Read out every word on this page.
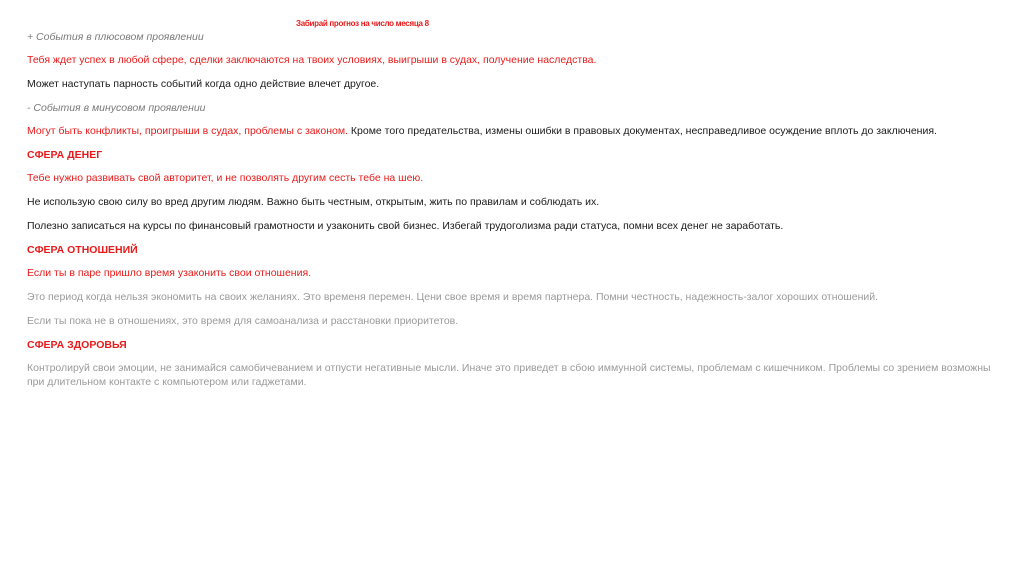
Забирай прогноз на число месяца 8
+ События в плюсовом проявлении
Тебя ждет успех в любой сфере, сделки заключаются на твоих условиях, выигрыши в судах, получение наследства.
Может наступать парность событий когда одно действие влечет другое.
- События в минусовом проявлении
Могут быть конфликты, проигрыши в судах, проблемы с законом. Кроме того предательства, измены ошибки в правовых документах, несправедливое осуждение вплоть до заключения.
СФЕРА ДЕНЕГ
Тебе нужно развивать свой авторитет, и не позволять другим сесть тебе на шею.
Не использую свою силу во вред другим людям. Важно быть честным, открытым, жить по правилам и соблюдать их.
Полезно записаться на курсы по финансовый грамотности и узаконить свой бизнес. Избегай трудоголизма ради статуса, помни всех денег не заработать.
СФЕРА ОТНОШЕНИЙ
Если ты в паре пришло время узаконить свои отношения.
Это период когда нельзя экономить на своих желаниях. Это временя перемен. Цени свое время и время партнера. Помни честность, надежность-залог хороших отношений.
Если ты пока не в отношениях, это время для самоанализа и расстановки приоритетов.
СФЕРА ЗДОРОВЬЯ
Контролируй свои эмоции, не занимайся самобичеванием и отпусти негативные мысли. Иначе это приведет в сбою иммунной системы, проблемам с кишечником. Проблемы со зрением возможны при длительном контакте с компьютером или гаджетами.
